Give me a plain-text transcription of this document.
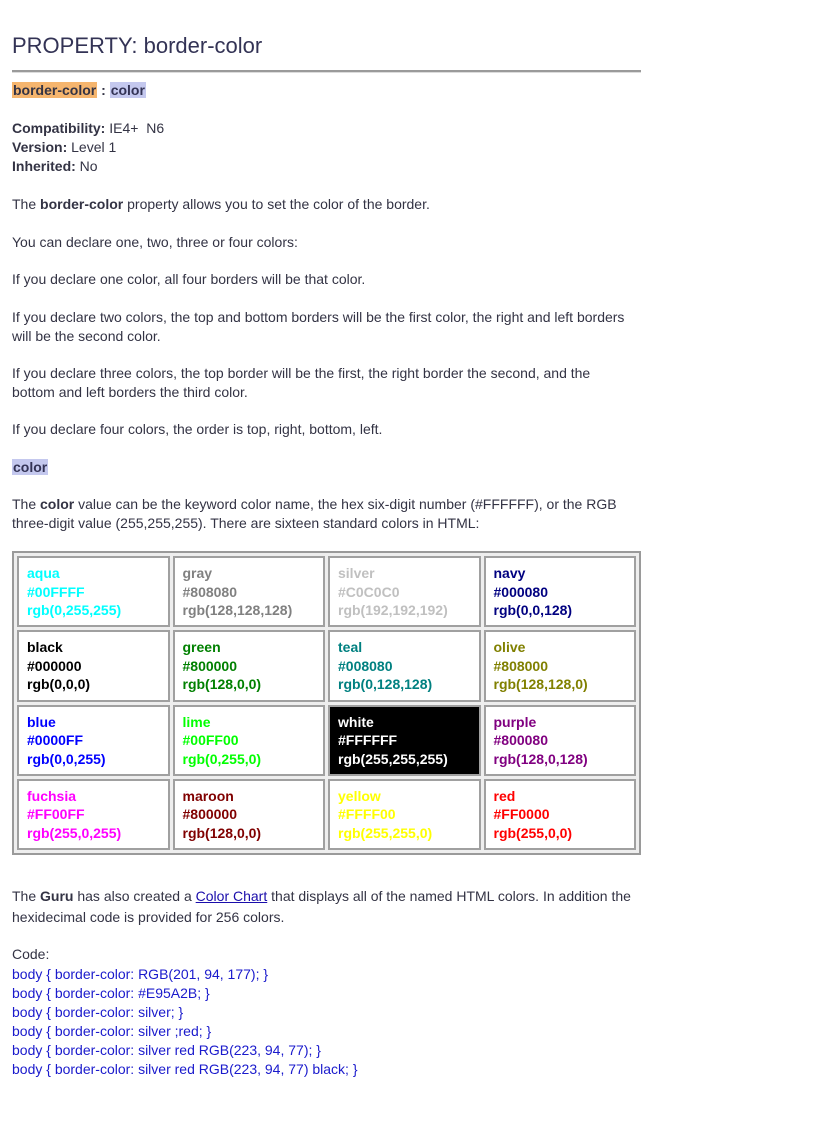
PROPERTY: border-color
border-color : color
Compatibility: IE4+  N6
Version: Level 1
Inherited: No

The border-color property allows you to set the color of the border.

You can declare one, two, three or four colors:

If you declare one color, all four borders will be that color.

If you declare two colors, the top and bottom borders will be the first color, the right and left borders will be the second color.

If you declare three colors, the top border will be the first, the right border the second, and the bottom and left borders the third color.

If you declare four colors, the order is top, right, bottom, left.

color

The color value can be the keyword color name, the hex six-digit number (#FFFFFF), or the RGB three-digit value (255,255,255). There are sixteen standard colors in HTML:

aqua
#00FFFF
rgb(0,255,255)
gray
#808080
rgb(128,128,128)
silver
#C0C0C0
rgb(192,192,192)
navy
#000080
rgb(0,0,128)
black
#000000
rgb(0,0,0)
green
#800000
rgb(128,0,0)
teal
#008080
rgb(0,128,128)
olive
#808000
rgb(128,128,0)
blue
#0000FF
rgb(0,0,255)
lime
#00FF00
rgb(0,255,0)
white
#FFFFFF
rgb(255,255,255)
purple
#800080
rgb(128,0,128)
fuchsia
#FF00FF
rgb(255,0,255)
maroon
#800000
rgb(128,0,0)
yellow
#FFFF00
rgb(255,255,0)
red
#FF0000
rgb(255,0,0)

The Guru has also created a Color Chart that displays all of the named HTML colors. In addition the hexidecimal code is provided for 256 colors.

Code:
body { border-color: RGB(201, 94, 177); }
body { border-color: #E95A2B; }
body { border-color: silver; }
body { border-color: silver ;red; }
body { border-color: silver red RGB(223, 94, 77); }
body { border-color: silver red RGB(223, 94, 77) black; }
